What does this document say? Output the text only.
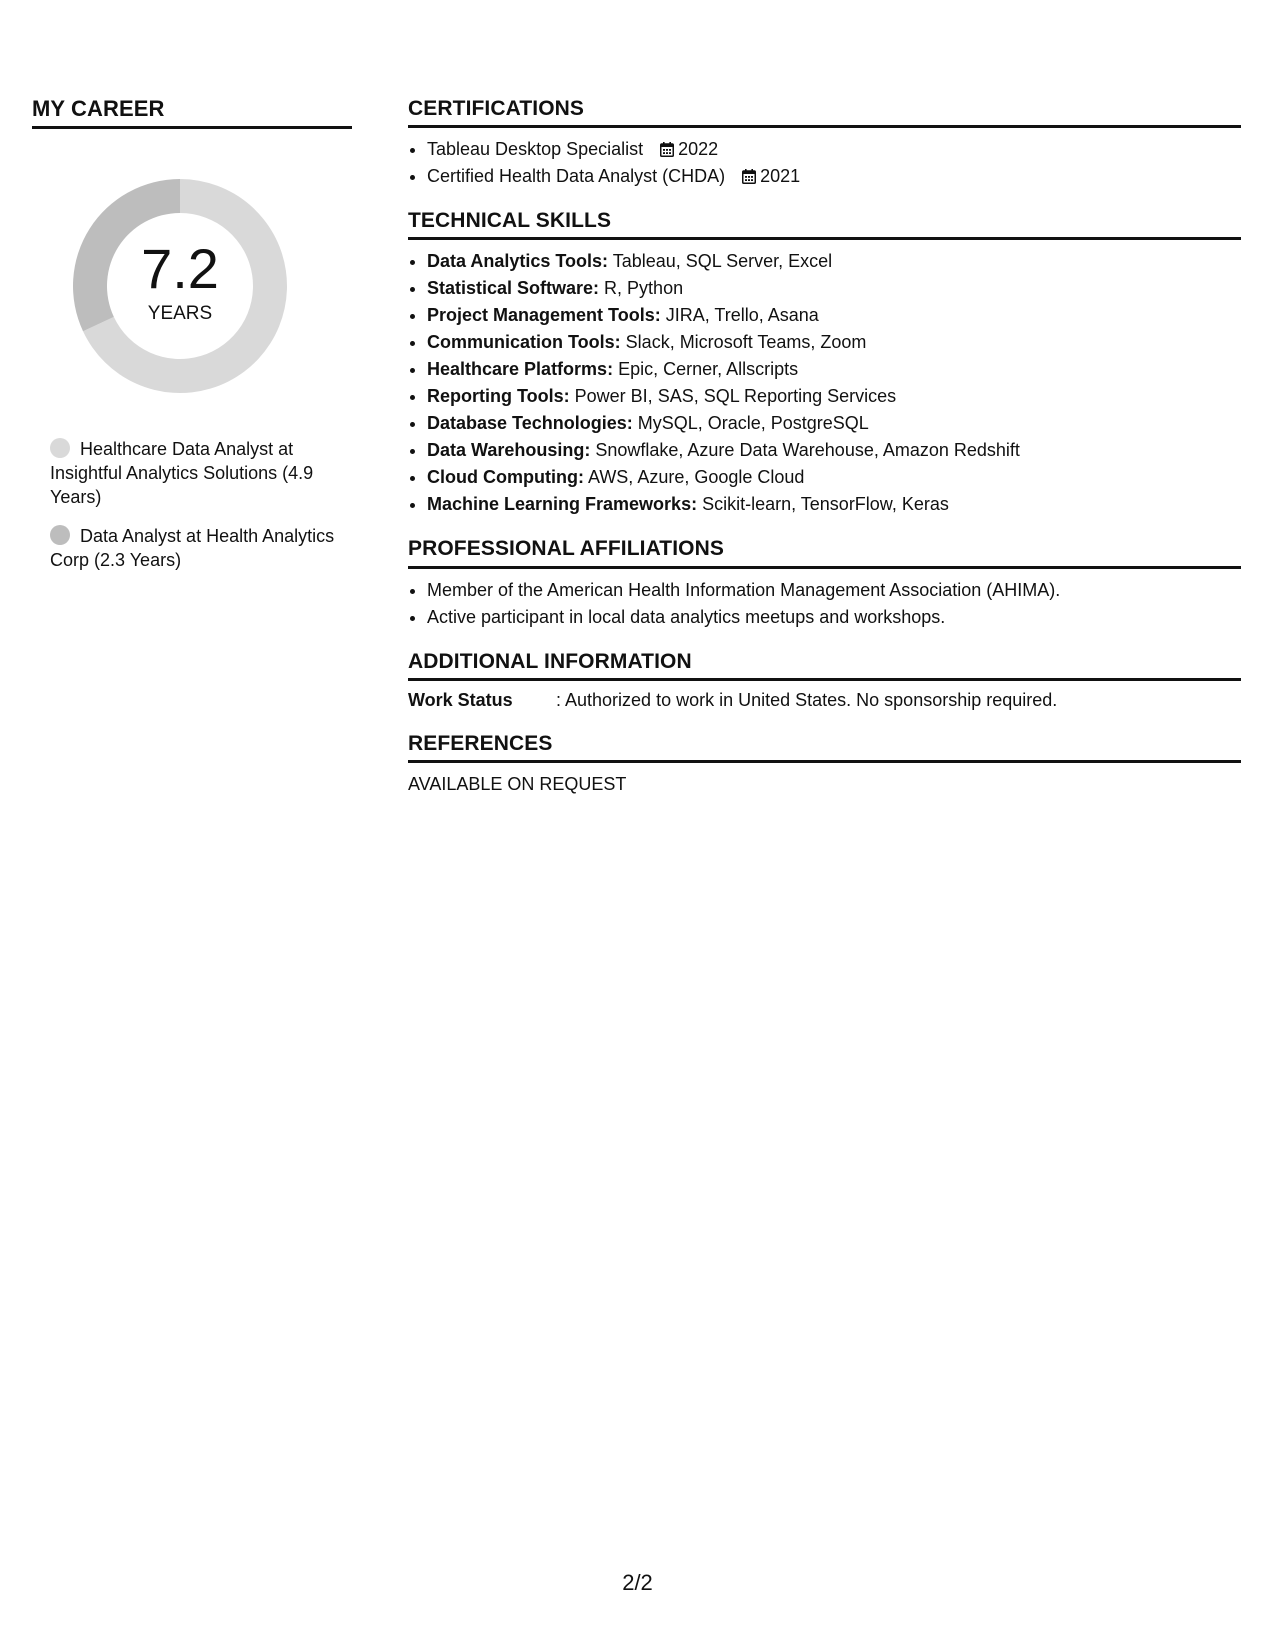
MY CAREER
7.2
YEARS
Healthcare Data Analyst at Insightful Analytics Solutions (4.9 Years)
Data Analyst at Health Analytics Corp (2.3 Years)
CERTIFICATIONS
• Tableau Desktop Specialist 2022
• Certified Health Data Analyst (CHDA) 2021
TECHNICAL SKILLS
• Data Analytics Tools: Tableau, SQL Server, Excel
• Statistical Software: R, Python
• Project Management Tools: JIRA, Trello, Asana
• Communication Tools: Slack, Microsoft Teams, Zoom
• Healthcare Platforms: Epic, Cerner, Allscripts
• Reporting Tools: Power BI, SAS, SQL Reporting Services
• Database Technologies: MySQL, Oracle, PostgreSQL
• Data Warehousing: Snowflake, Azure Data Warehouse, Amazon Redshift
• Cloud Computing: AWS, Azure, Google Cloud
• Machine Learning Frameworks: Scikit-learn, TensorFlow, Keras
PROFESSIONAL AFFILIATIONS
• Member of the American Health Information Management Association (AHIMA).
• Active participant in local data analytics meetups and workshops.
ADDITIONAL INFORMATION
Work Status : Authorized to work in United States. No sponsorship required.
REFERENCES
AVAILABLE ON REQUEST
2/2
